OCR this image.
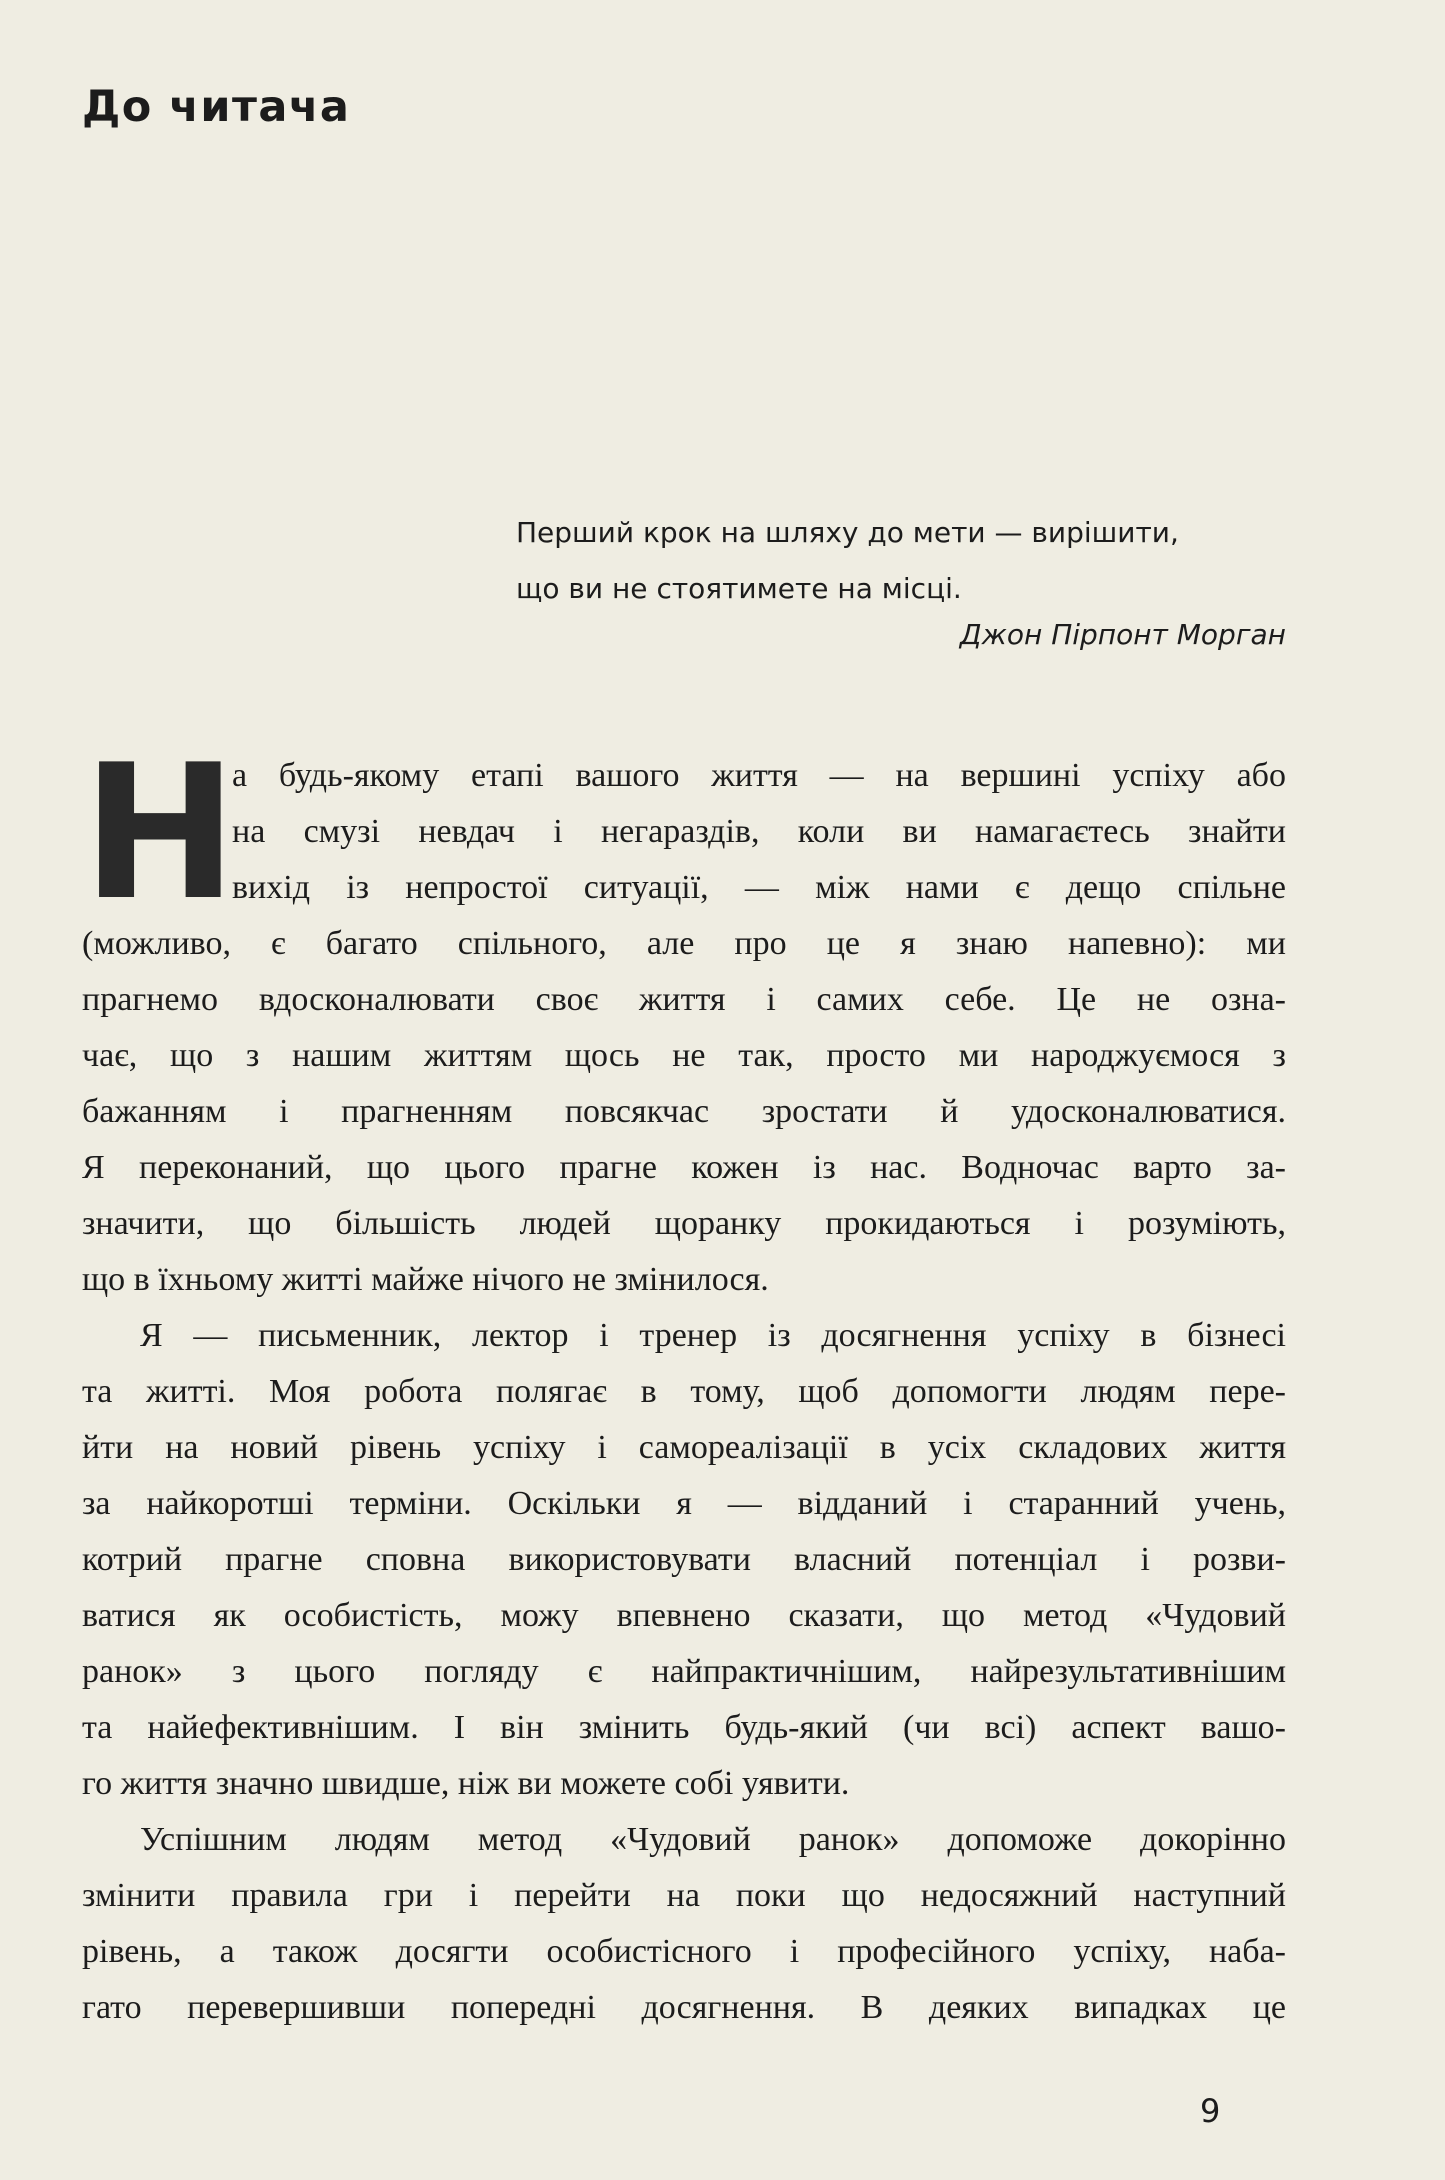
До читача
Перший крок на шляху до мети — вирішити,
що ви не стоятимете на місці.
Джон Пірпонт Морган
Н
а будь-якому етапі вашого життя — на вершині успіху або
на смузі невдач і негараздів, коли ви намагаєтесь знайти
вихід із непростої ситуації, — між нами є дещо спільне
(можливо, є багато спільного, але про це я знаю напевно): ми
прагнемо вдосконалювати своє життя і самих себе. Це не озна-
чає, що з нашим життям щось не так, просто ми народжуємося з
бажанням і прагненням повсякчас зростати й удосконалюватися.
Я переконаний, що цього прагне кожен із нас. Водночас варто за-
значити, що більшість людей щоранку прокидаються і розуміють,
що в їхньому житті майже нічого не змінилося.
Я — письменник, лектор і тренер із досягнення успіху в бізнесі
та житті. Моя робота полягає в тому, щоб допомогти людям пере-
йти на новий рівень успіху і самореалізації в усіх складових життя
за найкоротші терміни. Оскільки я — відданий і старанний учень,
котрий прагне сповна використовувати власний потенціал і розви-
ватися як особистість, можу впевнено сказати, що метод «Чудовий
ранок» з цього погляду є найпрактичнішим, найрезультативнішим
та найефективнішим. І він змінить будь-який (чи всі) аспект вашо-
го життя значно швидше, ніж ви можете собі уявити.
Успішним людям метод «Чудовий ранок» допоможе докорінно
змінити правила гри і перейти на поки що недосяжний наступний
рівень, а також досягти особистісного і професійного успіху, наба-
гато перевершивши попередні досягнення. В деяких випадках це
9
